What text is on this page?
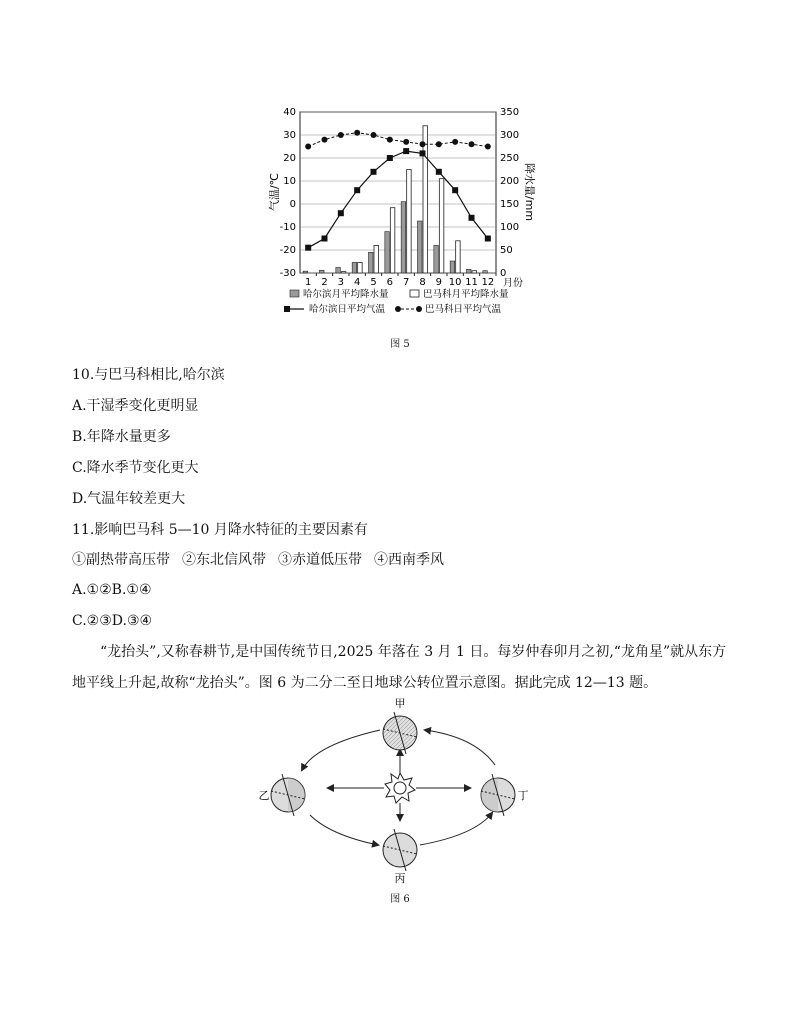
40
30
20
10
0
-10
-20
-30
350
300
250
200
150
100
50
0
1 2 3 4 5 6 7 8 9 10 11 12
气温/℃	降水量/mm
月份
哈尔滨月平均降水量	巴马科月平均降水量
哈尔滨日平均气温	巴马科日平均气温
图 5
10.与巴马科相比,哈尔滨
A.干湿季变化更明显
B.年降水量更多
C.降水季节变化更大
D.气温年较差更大
11.影响巴马科 5—10 月降水特征的主要因素有
①副热带高压带 ②东北信风带 ③赤道低压带 ④西南季风
A.①②B.①④
C.②③D.③④
“龙抬头”,又称春耕节,是中国传统节日,2025 年落在 3 月 1 日。每岁仲春卯月之初,“龙角星”就从东方地平线上升起,故称“龙抬头”。图 6 为二分二至日地球公转位置示意图。据此完成 12—13 题。
甲
乙
丙
丁
图 6
